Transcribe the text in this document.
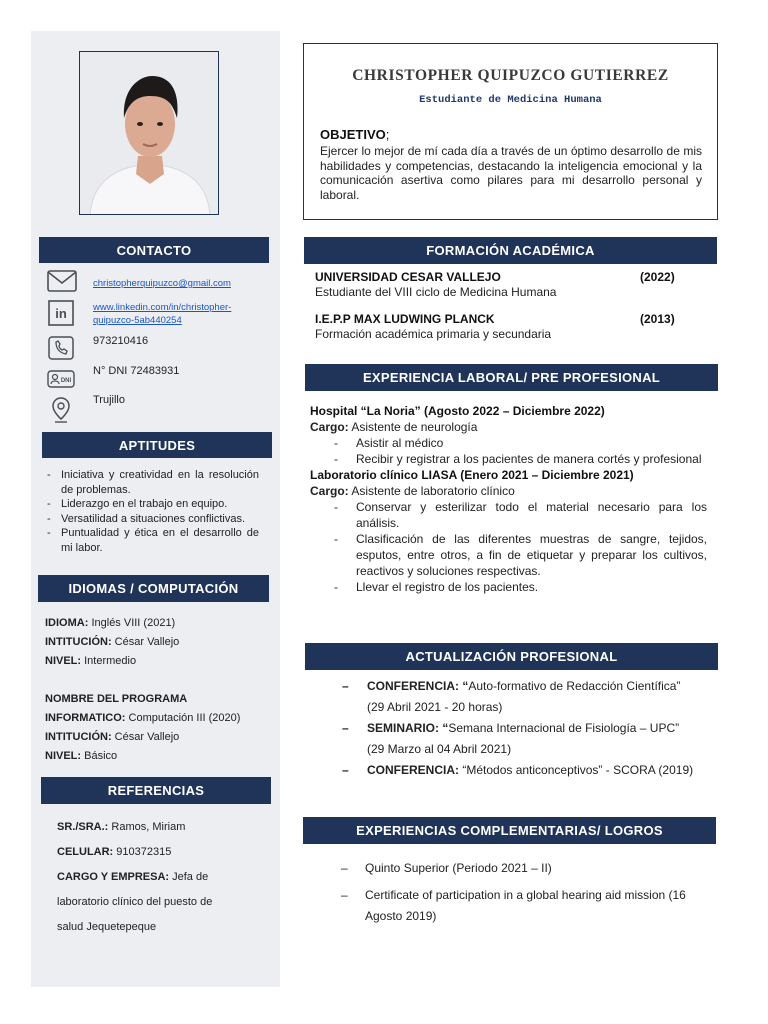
CONTACTO
in
DNI
christopherquipuzco@gmail.com
www.linkedin.com/in/christopher-quipuzco-5ab440254
973210416
N° DNI 72483931
Trujillo
APTITUDES
- Iniciativa y creatividad en la resolución de problemas.
- Liderazgo en el trabajo en equipo.
- Versatilidad a situaciones conflictivas.
- Puntualidad y ética en el desarrollo de mi labor.
IDIOMAS / COMPUTACIÓN
IDIOMA: Inglés VIII (2021)
INTITUCIÓN: César Vallejo
NIVEL: Intermedio
NOMBRE DEL PROGRAMA
INFORMATICO: Computación III (2020)
INTITUCIÓN: César Vallejo
NIVEL: Básico
REFERENCIAS
SR./SRA.: Ramos, Miriam
CELULAR: 910372315
CARGO Y EMPRESA: Jefa de
laboratorio clínico del puesto de
salud Jequetepeque
CHRISTOPHER QUIPUZCO GUTIERREZ
Estudiante de Medicina Humana
OBJETIVO;
Ejercer lo mejor de mí cada día a través de un óptimo desarrollo de mis habilidades y competencias, destacando la inteligencia emocional y la comunicación asertiva como pilares para mi desarrollo personal y laboral.
FORMACIÓN ACADÉMICA
UNIVERSIDAD CESAR VALLEJO	(2022)
Estudiante del VIII ciclo de Medicina Humana
I.E.P.P MAX LUDWING PLANCK	(2013)
Formación académica primaria y secundaria
EXPERIENCIA LABORAL/ PRE PROFESIONAL
Hospital “La Noria” (Agosto 2022 – Diciembre 2022)
Cargo: Asistente de neurología
- Asistir al médico
- Recibir y registrar a los pacientes de manera cortés y profesional
Laboratorio clínico LIASA (Enero 2021 – Diciembre 2021)
Cargo: Asistente de laboratorio clínico
- Conservar y esterilizar todo el material necesario para los análisis.
- Clasificación de las diferentes muestras de sangre, tejidos, esputos, entre otros, a fin de etiquetar y preparar los cultivos, reactivos y soluciones respectivas.
- Llevar el registro de los pacientes.
ACTUALIZACIÓN PROFESIONAL
– CONFERENCIA: “Auto-formativo de Redacción Científica” (29 Abril 2021 - 20 horas)
– SEMINARIO: “Semana Internacional de Fisiología – UPC” (29 Marzo al 04 Abril 2021)
– CONFERENCIA: “Métodos anticonceptivos” - SCORA (2019)
EXPERIENCIAS COMPLEMENTARIAS/ LOGROS
– Quinto Superior (Periodo 2021 – II)
– Certificate of participation in a global hearing aid mission (16 Agosto 2019)
